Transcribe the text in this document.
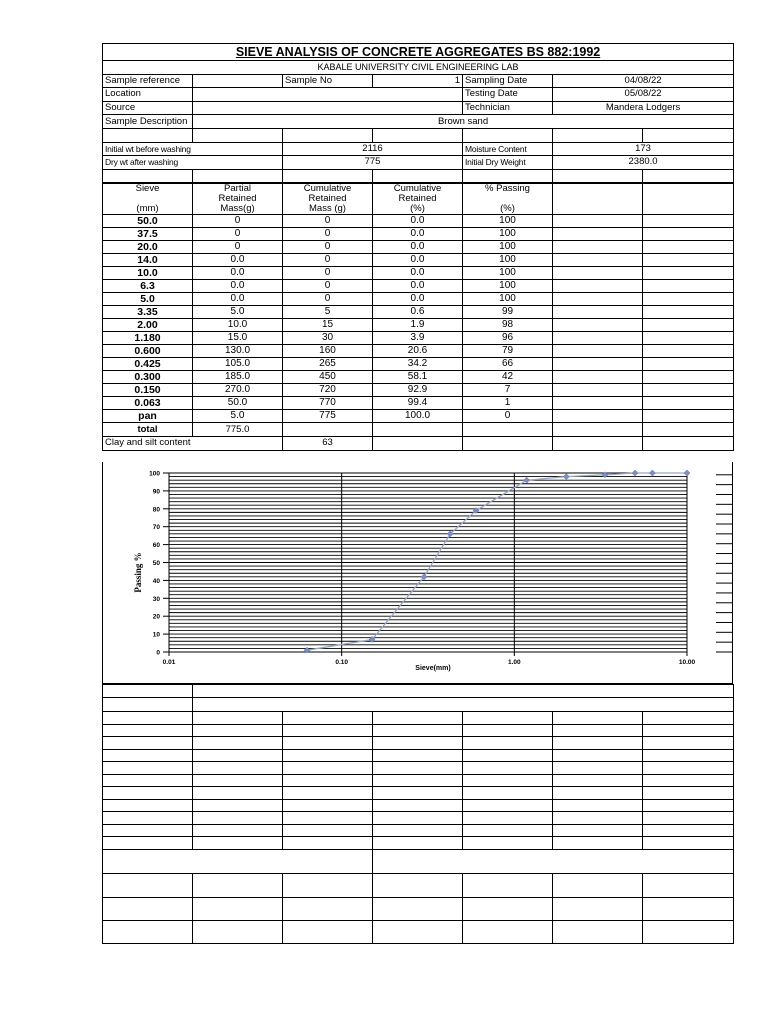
SIEVE ANALYSIS OF CONCRETE AGGREGATES BS 882:1992						
KABALE UNIVERSITY CIVIL ENGINEERING LAB						
Sample reference		Sample No	1	Sampling Date	04/08/22	
Location				Testing Date	05/08/22	
Source				Technician	Mandera Lodgers	
Sample Description	Brown sand					

Initial wt before washing		2116		Moisture Content	173	
Dry wt after washing		775		Initial Dry Weight	2380.0	

Sieve	Partial	Cumulative	Cumulative	% Passing		
	Retained	Retained	Retained			
(mm)	Mass(g)	Mass (g)	(%)	(%)		
50.0	0	0	0.0	100		
37.5	0	0	0.0	100		
20.0	0	0	0.0	100		
14.0	0.0	0	0.0	100		
10.0	0.0	0	0.0	100		
6.3	0.0	0	0.0	100		
5.0	0.0	0	0.0	100		
3.35	5.0	5	0.6	99		
2.00	10.0	15	1.9	98		
1.180	15.0	30	3.9	96		
0.600	130.0	160	20.6	79		
0.425	105.0	265	34.2	66		
0.300	185.0	450	58.1	42		
0.150	270.0	720	92.9	7		
0.063	50.0	770	99.4	1		
pan	5.0	775	100.0	0		
total	775.0					
Clay and silt content		63				
0
10
20
30
40
50
60
70
80
90
100
0.01	0.10	1.00	10.00
Sieve(mm)
Passing %
